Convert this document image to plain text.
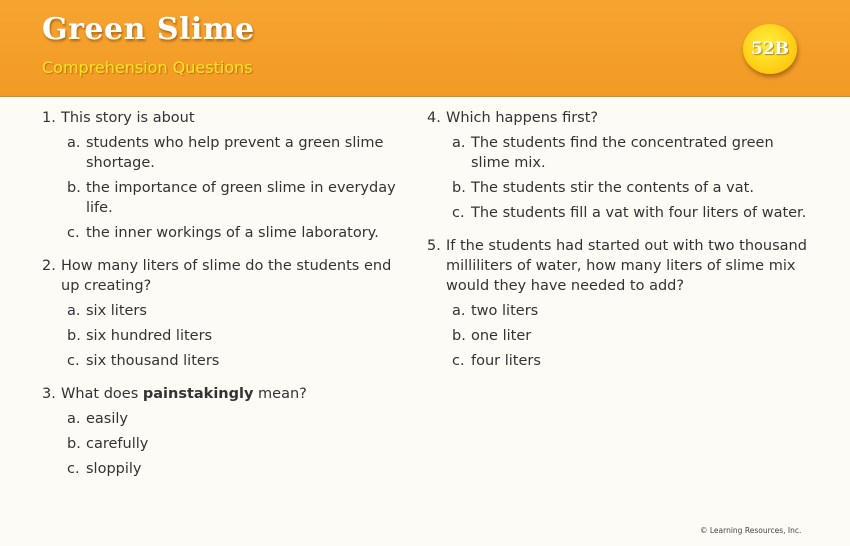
Green Slime
Comprehension Questions
52B
1. This story is about
a. students who help prevent a green slime shortage.
b. the importance of green slime in everyday life.
c. the inner workings of a slime laboratory.
2. How many liters of slime do the students end up creating?
a. six liters
b. six hundred liters
c. six thousand liters
3. What does painstakingly mean?
a. easily
b. carefully
c. sloppily
4. Which happens first?
a. The students find the concentrated green slime mix.
b. The students stir the contents of a vat.
c. The students fill a vat with four liters of water.
5. If the students had started out with two thousand milliliters of water, how many liters of slime mix would they have needed to add?
a. two liters
b. one liter
c. four liters
© Learning Resources, Inc.
